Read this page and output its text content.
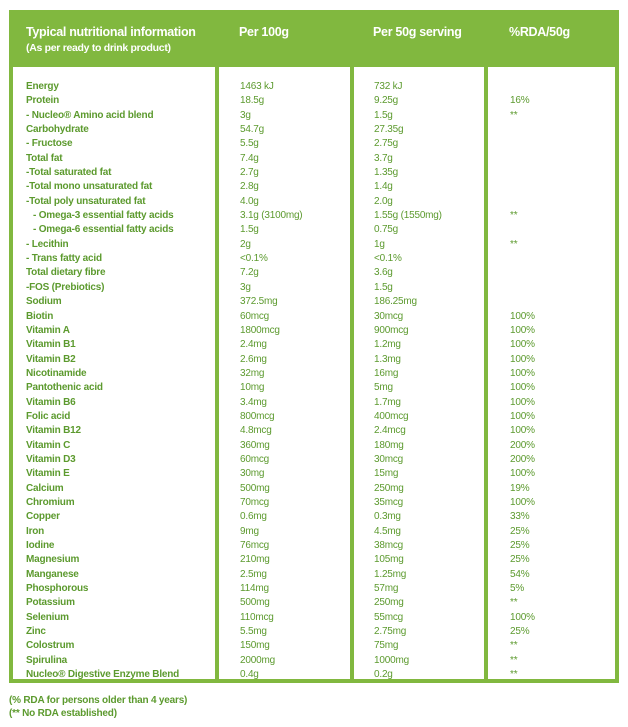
Typical nutritional information
(As per ready to drink product)
Per 100g	Per 50g serving	%RDA/50g
Energy	1463 kJ	732 kJ
Protein	18.5g	9.25g	16%
- Nucleo® Amino acid blend	3g	1.5g	**
Carbohydrate	54.7g	27.35g
- Fructose	5.5g	2.75g
Total fat	7.4g	3.7g
-Total saturated fat	2.7g	1.35g
-Total mono unsaturated fat	2.8g	1.4g
-Total poly unsaturated fat	4.0g	2.0g
- Omega-3 essential fatty acids	3.1g (3100mg)	1.55g (1550mg)	**
- Omega-6 essential fatty acids	1.5g	0.75g
- Lecithin	2g	1g	**
- Trans fatty acid	<0.1%	<0.1%
Total dietary fibre	7.2g	3.6g
-FOS (Prebiotics)	3g	1.5g
Sodium	372.5mg	186.25mg
Biotin	60mcg	30mcg	100%
Vitamin A	1800mcg	900mcg	100%
Vitamin B1	2.4mg	1.2mg	100%
Vitamin B2	2.6mg	1.3mg	100%
Nicotinamide	32mg	16mg	100%
Pantothenic acid	10mg	5mg	100%
Vitamin B6	3.4mg	1.7mg	100%
Folic acid	800mcg	400mcg	100%
Vitamin B12	4.8mcg	2.4mcg	100%
Vitamin C	360mg	180mg	200%
Vitamin D3	60mcg	30mcg	200%
Vitamin E	30mg	15mg	100%
Calcium	500mg	250mg	19%
Chromium	70mcg	35mcg	100%
Copper	0.6mg	0.3mg	33%
Iron	9mg	4.5mg	25%
Iodine	76mcg	38mcg	25%
Magnesium	210mg	105mg	25%
Manganese	2.5mg	1.25mg	54%
Phosphorous	114mg	57mg	5%
Potassium	500mg	250mg	**
Selenium	110mcg	55mcg	100%
Zinc	5.5mg	2.75mg	25%
Colostrum	150mg	75mg	**
Spirulina	2000mg	1000mg	**
Nucleo® Digestive Enzyme Blend	0.4g	0.2g	**
(% RDA for persons older than 4 years)
(** No RDA established)
